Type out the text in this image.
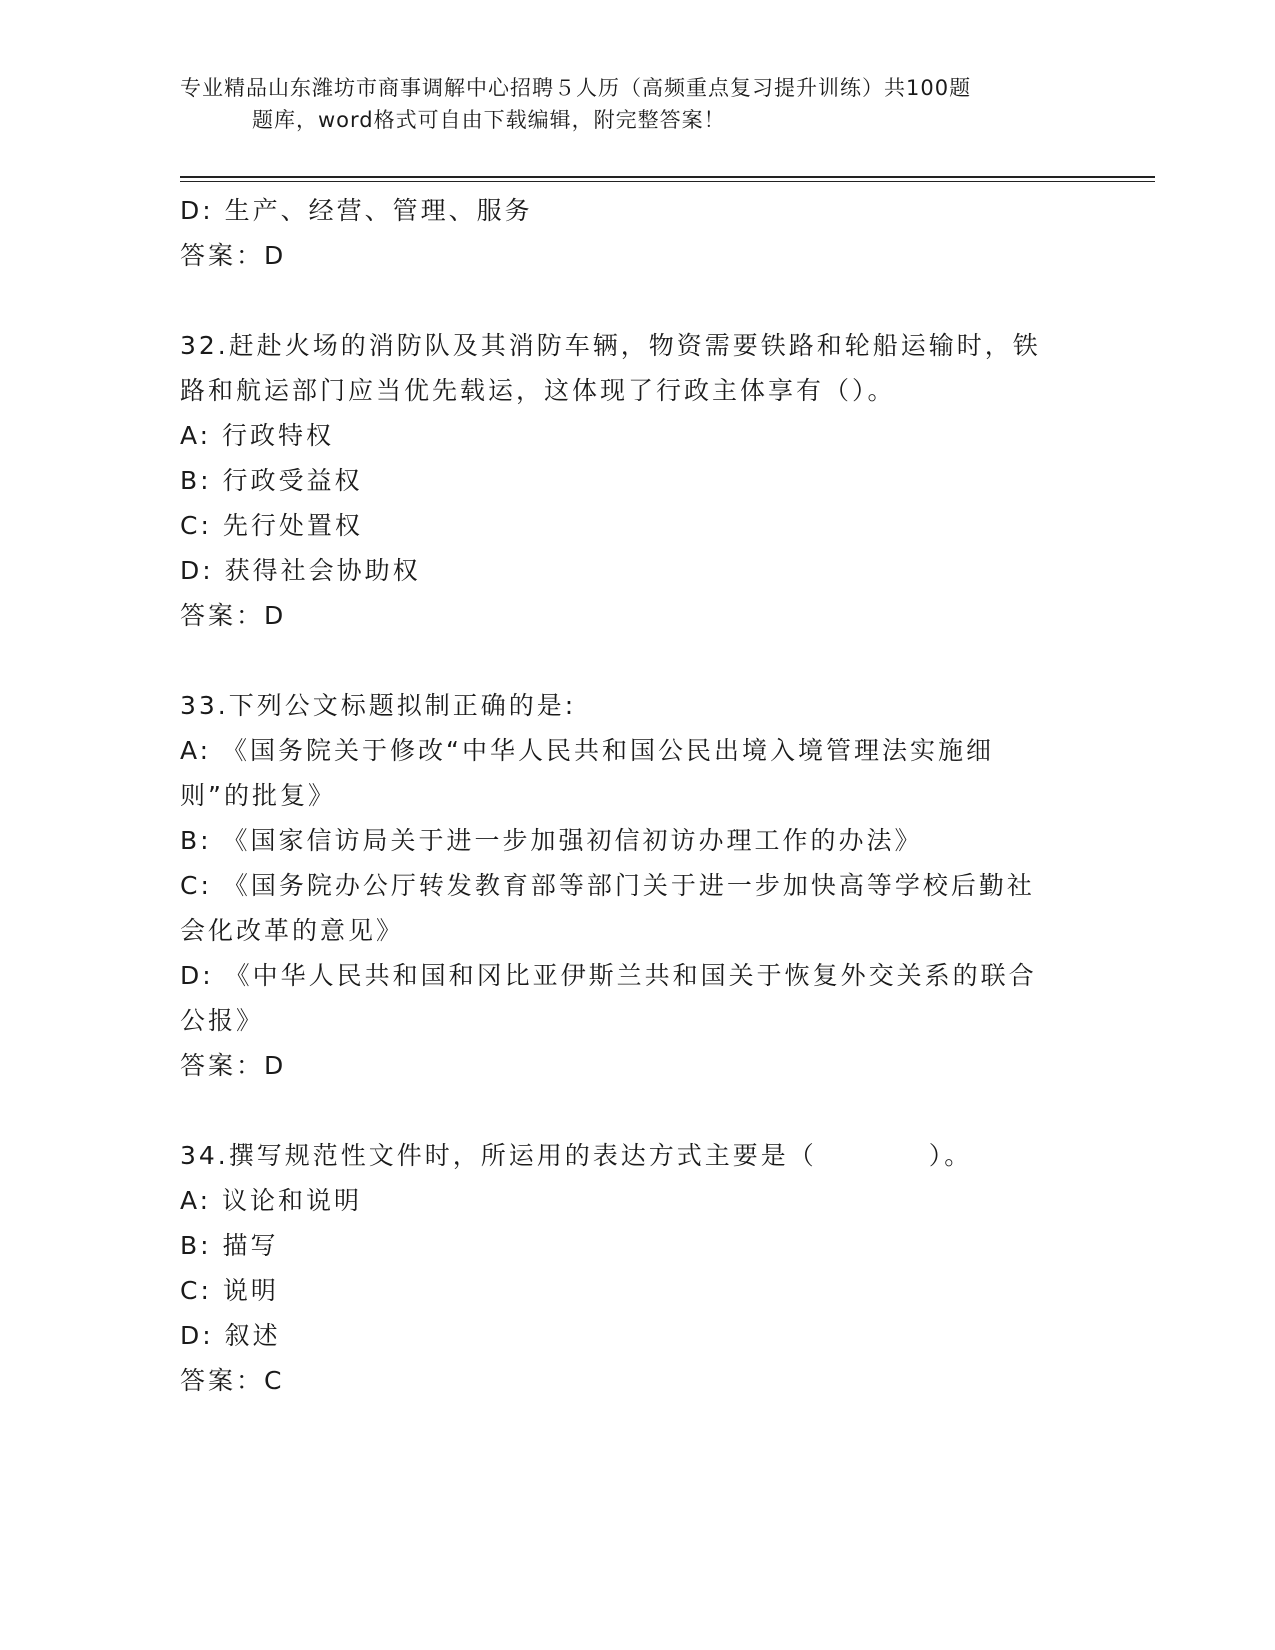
专业精品山东潍坊市商事调解中心招聘５人历（高频重点复习提升训练）共100题

题库，word格式可自由下载编辑，附完整答案！

D: 生产、经营、管理、服务

答案：D

32.赶赴火场的消防队及其消防车辆，物资需要铁路和轮船运输时，铁路和航运部门应当优先载运，这体现了行政主体享有（）。

A: 行政特权

B: 行政受益权

C: 先行处置权

D: 获得社会协助权

答案：D

33.下列公文标题拟制正确的是:

A: 《国务院关于修改“中华人民共和国公民出境入境管理法实施细则”的批复》

B: 《国家信访局关于进一步加强初信初访办理工作的办法》

C: 《国务院办公厅转发教育部等部门关于进一步加快高等学校后勤社会化改革的意见》

D: 《中华人民共和国和冈比亚伊斯兰共和国关于恢复外交关系的联合公报》

答案：D

34.撰写规范性文件时，所运用的表达方式主要是（　　　　）。

A: 议论和说明

B: 描写

C: 说明

D: 叙述

答案：C
